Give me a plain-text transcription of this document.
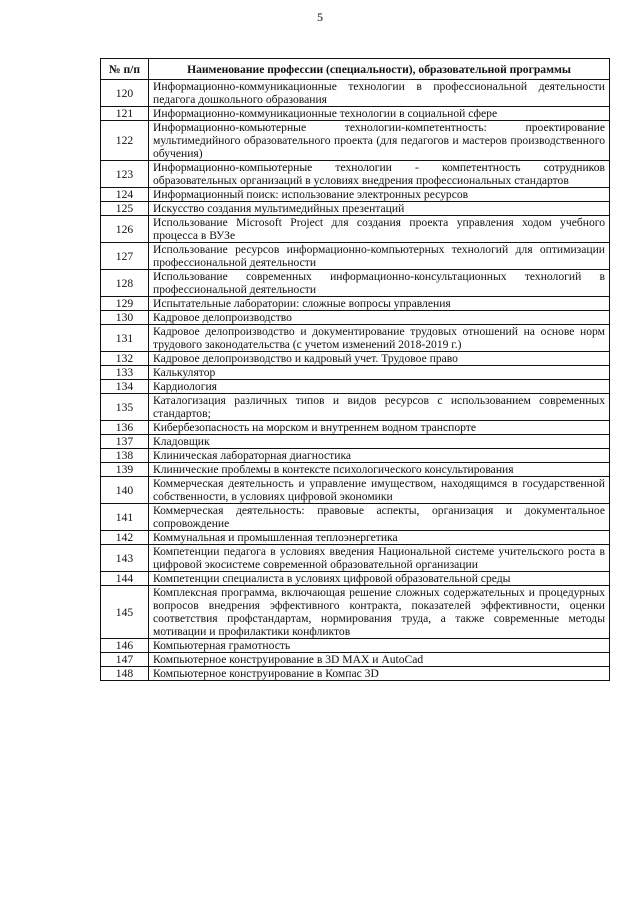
5
№ п/п	Наименование профессии (специальности), образовательной программы
120	Информационно-коммуникационные технологии в профессиональной деятельности педагога дошкольного образования
121	Информационно-коммуникационные технологии в социальной сфере
122	Информационно-комьютерные технологии-компетентность: проектирование мультимедийного образовательного проекта (для педагогов и мастеров производственного обучения)
123	Информационно-компьютерные технологии - компетентность сотрудников образовательных организаций в условиях внедрения профессиональных стандартов
124	Информационный поиск: использование электронных ресурсов
125	Искусство создания мультимедийных презентаций
126	Использование Microsoft Project для создания проекта управления ходом учебного процесса в ВУЗе
127	Использование ресурсов информационно-компьютерных технологий для оптимизации профессиональной деятельности
128	Использование современных информационно-консультационных технологий в профессиональной деятельности
129	Испытательные лаборатории: сложные вопросы управления
130	Кадровое делопроизводство
131	Кадровое делопроизводство и документирование трудовых отношений на основе норм трудового законодательства (с учетом изменений 2018-2019 г.)
132	Кадровое делопроизводство и кадровый учет. Трудовое право
133	Калькулятор
134	Кардиология
135	Каталогизация различных типов и видов ресурсов с использованием современных стандартов;
136	Кибербезопасность на морском и внутреннем водном транспорте
137	Кладовщик
138	Клиническая лабораторная диагностика
139	Клинические проблемы в контексте психологического консультирования
140	Коммерческая деятельность и управление имуществом, находящимся в государственной собственности, в условиях цифровой экономики
141	Коммерческая деятельность: правовые аспекты, организация и документальное сопровождение
142	Коммунальная и промышленная теплоэнергетика
143	Компетенции педагога в условиях введения Национальной системе учительского роста в цифровой экосистеме современной образовательной организации
144	Компетенции специалиста в условиях цифровой образовательной среды
145	Комплексная программа, включающая решение сложных содержательных и процедурных вопросов внедрения эффективного контракта, показателей эффективности, оценки соответствия профстандартам, нормирования труда, а также современные методы мотивации и профилактики конфликтов
146	Компьютерная грамотность
147	Компьютерное конструирование в 3D MAX и AutoCad
148	Компьютерное конструирование в Компас 3D
